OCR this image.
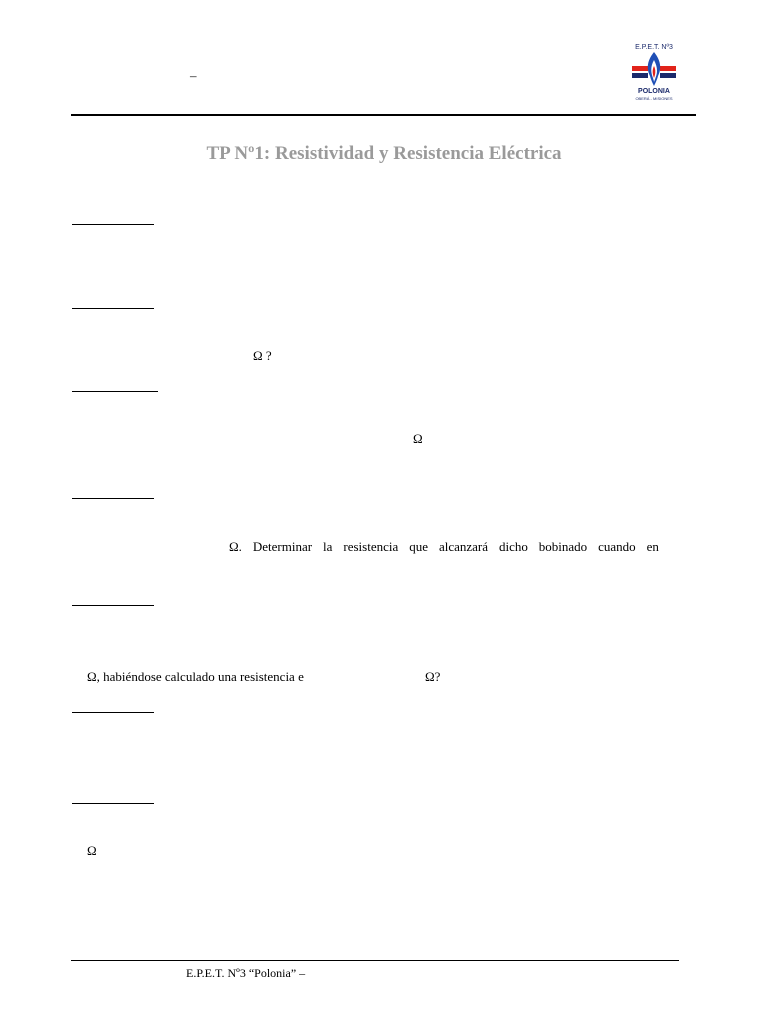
–
E.P.E.T. Nº3
POLONIA
OBERÁ - MISIONES
TP Nº1: Resistividad y Resistencia Eléctrica
Ω ?
Ω
Ω. Determinar la resistencia que alcanzará dicho bobinado cuando en
Ω, habiéndose calculado una resistencia e	Ω?
Ω
E.P.E.T. Nº3 “Polonia” –
